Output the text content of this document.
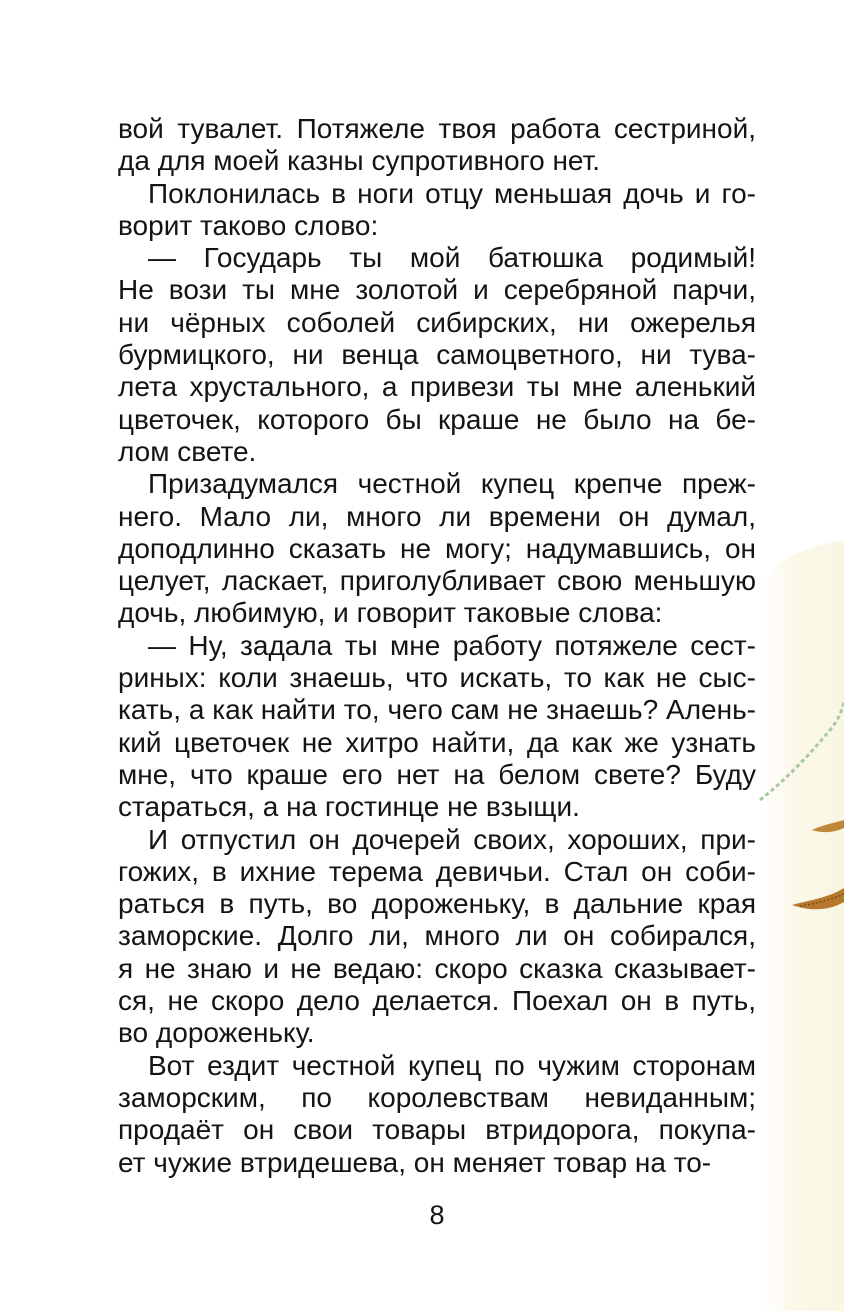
вой тувалет. Потяжеле твоя работа сестриной,
да для моей казны супротивного нет.
Поклонилась в ноги отцу меньшая дочь и го-
ворит таково слово:
— Государь ты мой батюшка родимый!
Не вози ты мне золотой и серебряной парчи,
ни чёрных соболей сибирских, ни ожерелья
бурмицкого, ни венца самоцветного, ни тува-
лета хрустального, а привези ты мне аленький
цветочек, которого бы краше не было на бе-
лом свете.
Призадумался честной купец крепче преж-
него. Мало ли, много ли времени он думал,
доподлинно сказать не могу; надумавшись, он
целует, ласкает, приголубливает свою меньшую
дочь, любимую, и говорит таковые слова:
— Ну, задала ты мне работу потяжеле сест-
риных: коли знаешь, что искать, то как не сыс-
кать, а как найти то, чего сам не знаешь? Алень-
кий цветочек не хитро найти, да как же узнать
мне, что краше его нет на белом свете? Буду
стараться, а на гостинце не взыщи.
И отпустил он дочерей своих, хороших, при-
гожих, в ихние терема девичьи. Стал он соби-
раться в путь, во дороженьку, в дальние края
заморские. Долго ли, много ли он собирался,
я не знаю и не ведаю: скоро сказка сказывает-
ся, не скоро дело делается. Поехал он в путь,
во дороженьку.
Вот ездит честной купец по чужим сторонам
заморским, по королевствам невиданным;
продаёт он свои товары втридорога, покупа-
ет чужие втридешева, он меняет товар на то-
8
